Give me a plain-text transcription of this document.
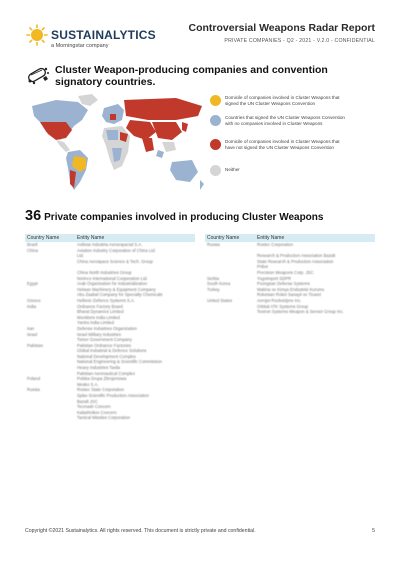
SUSTAINALYTICS
a Morningstar company
Controversial Weapons Radar Report
PRIVATE COMPANIES - Q2 - 2021 - V.2.0 - CONFIDENTIAL
Cluster Weapon-producing companies and convention signatory countries.
Domicile of companies involved in Cluster Weapons that signed the UN Cluster Weapons Convention
Countries that signed the UN Cluster Weapons Convention with no companies involved in Cluster Weapons
Domicile of companies involved in Cluster Weapons that have not signed the UN Cluster Weapons Convention
Neither
36 Private companies involved in producing Cluster Weapons
Country Name	Entity Name
Brazil	Avibras Industria Aeroespacial S.A.
China	Aviation Industry Corporation of China Ltd.
Ltd.
China Aerospace Science & Tech. Group
China North Industries Group
Norinco International Cooperation Ltd.
Egypt	Arab Organization for Industrialization
Helwan Machinery & Equipment Company
Abu Zaabal Company for Specialty Chemicals
Greece	Hellenic Defence Systems S.A.
India	Ordnance Factory Board
Bharat Dynamics Limited
Munitions India Limited
Yantra India Limited
Iran	Defense Industries Organization
Israel	Israel Military Industries
Tomer Government Company
Pakistan	Pakistan Ordnance Factories
Global Industrial & Defence Solutions
National Development Complex
National Engineering & Scientific Commission
Heavy Industries Taxila
Pakistan Aeronautical Complex
Poland	Polska Grupa Zbrojeniowa
Mesko S.A.
Russia	Rostec State Corporation
Splav Scientific Production Association
Bazalt JSC
Tecmash Concern
Kalashnikov Concern
Tactical Missiles Corporation
Country Name	Entity Name
Russia	Rostec Corporation
Research & Production Association Bazalt
State Research & Production Association
Pribor
Precision Weapons Corp. JSC
Serbia	Yugoimport SDPR
South Korea	Poongsan Defense Systems
Turkey	Makina ve Kimya Endustrisi Kurumu
Roketsan Roket Sanayii ve Ticaret
United States	Aerojet Rocketdyne Inc.
Orbital ATK Systems Group
Textron Systems Weapon & Sensor Group Inc.
Copyright ©2021 Sustainalytics. All rights reserved. This document is strictly private and confidential.	5
